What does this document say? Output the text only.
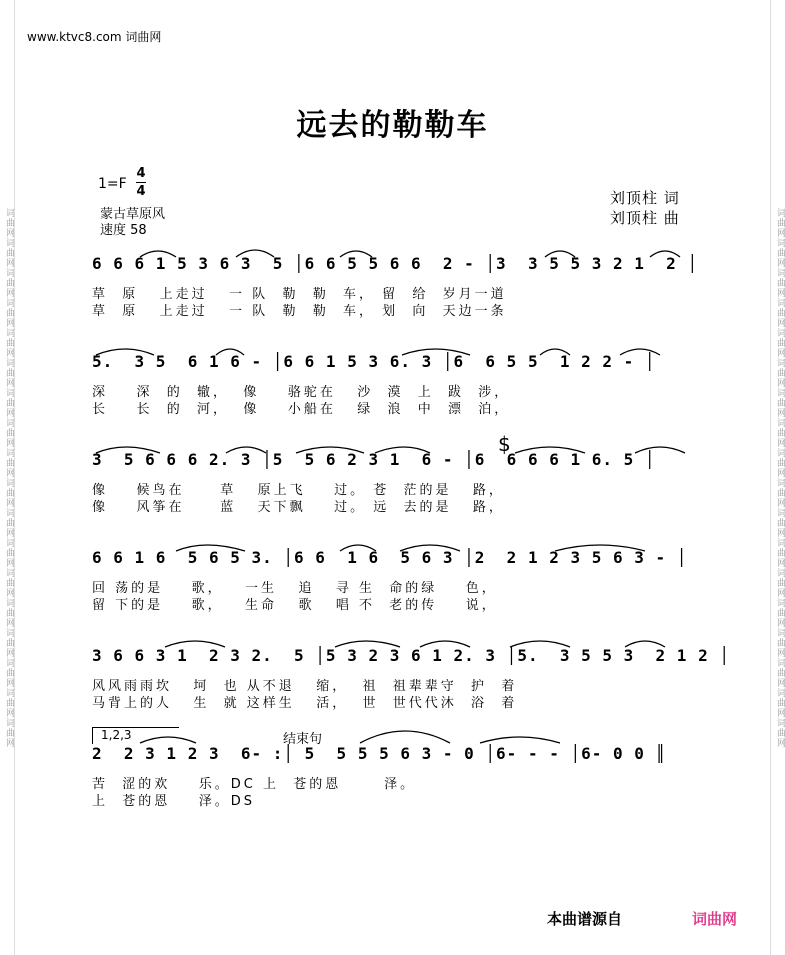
词曲网词曲网词曲网词曲网词曲网词曲网词曲网词曲网词曲网词曲网词曲网词曲网词曲网词曲网词曲网词曲网词曲网词曲网	词曲网词曲网词曲网词曲网词曲网词曲网词曲网词曲网词曲网词曲网词曲网词曲网词曲网词曲网词曲网词曲网词曲网词曲网
www.ktvc8.com 词曲网
远去的勒勒车
1=F
4
4
蒙古草原风
速度 58
刘顶柱 词
刘顶柱 曲
$
1,2,3	结束句
6 6 6 1 5 3 6 3  5 │6 6 5 5 6 6  2 - │3  3 5 5 3 2 1  2 │
草  原   上走过   一 队  勒  勒  车， 留  给  岁月一道
草  原   上走过   一 队  勒  勒  车， 划  向  天边一条
5.  3 5  6 1 6 - │6 6 1 5 3 6. 3 │6  6 5 5  1 2 2 - │
深    深  的  辙，  像    骆驼在   沙  漠  上  跋  涉，
长    长  的  河，  像    小船在   绿  浪  中  漂  泊，
3  5 6 6 6 2. 3 │5  5 6 2 3 1  6 - │6  6 6 6 1 6. 5 │
像    候鸟在     草   原上飞    过。 苍  茫的是   路，
像    风筝在     蓝   天下飘    过。 远  去的是   路，
6 6 1 6  5 6 5 3. │6 6  1 6  5 6 3 │2  2 1 2 3 5 6 3 - │
回 荡的是    歌，   一生   追   寻 生  命的绿    色，
留 下的是    歌，   生命   歌   唱 不  老的传    说，
3 6 6 3 1  2 3 2.  5 │5 3 2 3 6 1 2. 3 │5.  3 5 5 3  2 1 2 │
风风雨雨坎   坷  也 从不退   缩，  祖  祖辈辈守  护  着
马背上的人   生  就 这样生   活，  世  世代代沐  浴  着
2  2 3 1 2 3  6- :│ 5  5 5 5 6 3 - 0 │6- - - │6- 0 0 ║
苦  涩的欢    乐。DC 上  苍的恩      泽。
上  苍的恩    泽。DS
本曲谱源自	词曲网
